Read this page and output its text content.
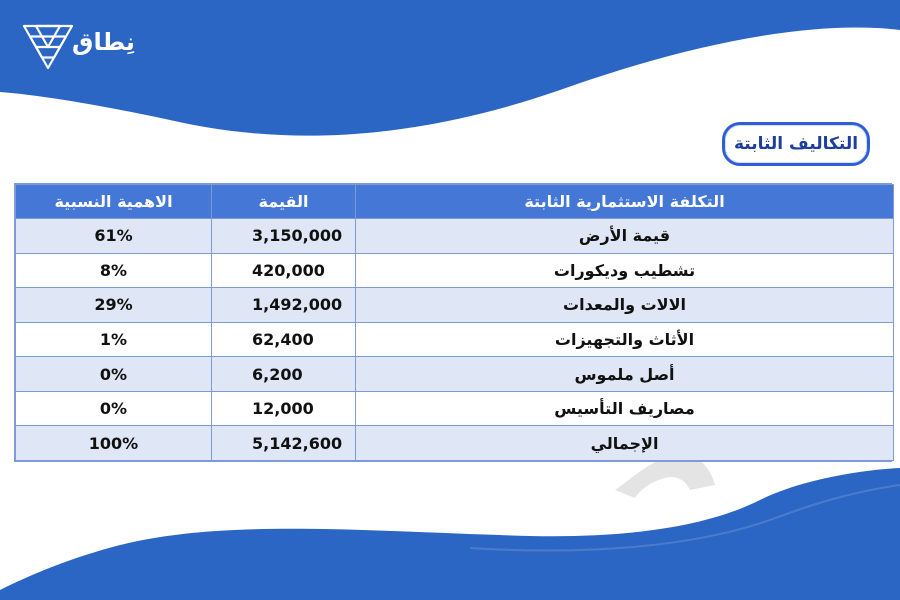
نِطاق
التكاليف الثابتة
التكلفة الاستثمارية الثابتة	القيمة	الاهمية النسبية
قيمة الأرض	3,150,000	61%
تشطيب وديكورات	420,000	8%
الالات والمعدات	1,492,000	29%
الأثاث والتجهيزات	62,400	1%
أصل ملموس	6,200	0%
مصاريف التأسيس	12,000	0%
الإجمالي	5,142,600	100%
